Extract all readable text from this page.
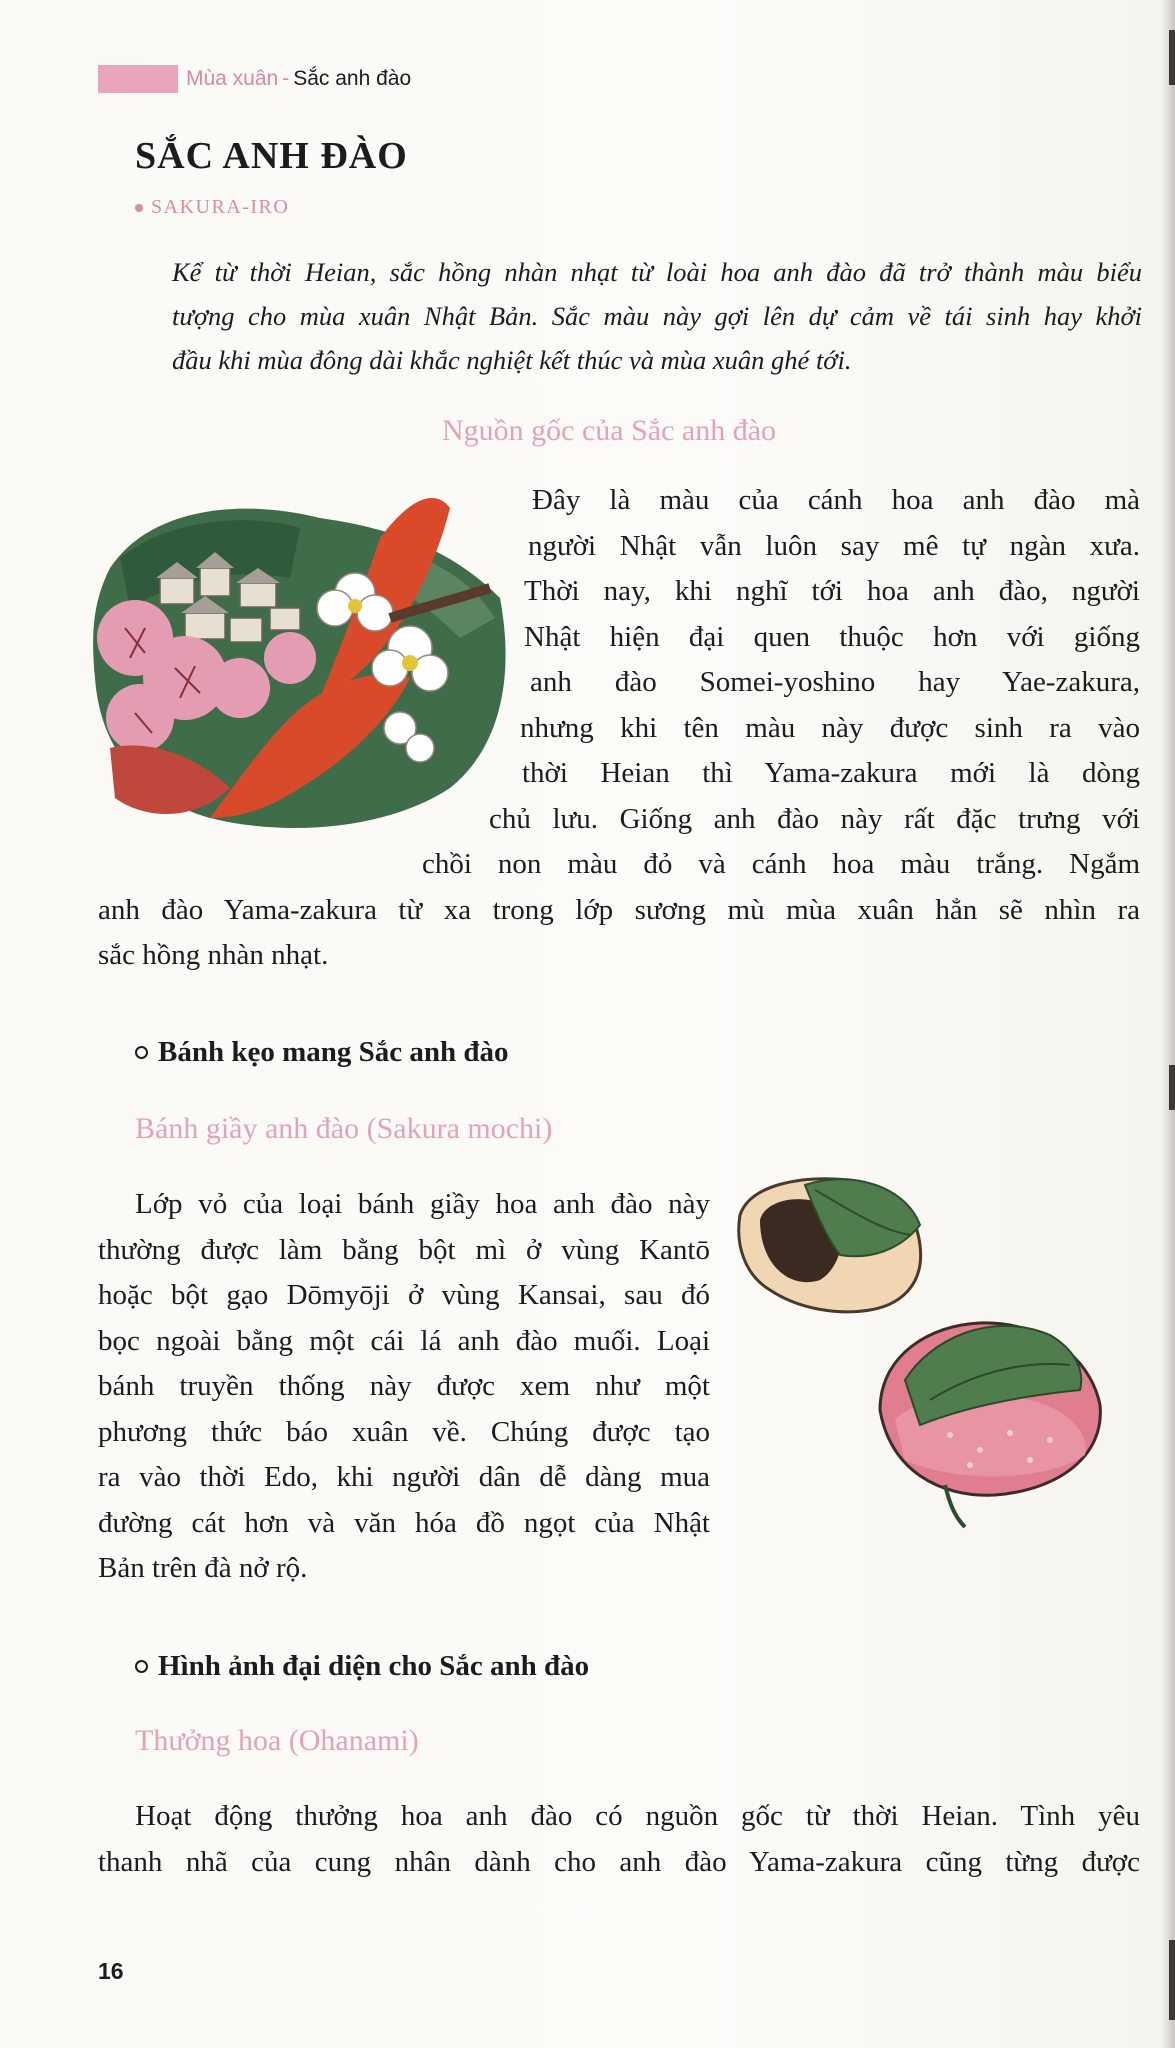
Mùa xuân - Sắc anh đào
SẮC ANH ĐÀO
SAKURA-IRO
Kể từ thời Heian, sắc hồng nhàn nhạt từ loài hoa anh đào đã trở thành màu biểu
tượng cho mùa xuân Nhật Bản. Sắc màu này gợi lên dự cảm về tái sinh hay khởi
đầu khi mùa đông dài khắc nghiệt kết thúc và mùa xuân ghé tới.
Nguồn gốc của Sắc anh đào
Đây là màu của cánh hoa anh đào mà
người Nhật vẫn luôn say mê tự ngàn xưa.
Thời nay, khi nghĩ tới hoa anh đào, người
Nhật hiện đại quen thuộc hơn với giống
anh đào Somei-yoshino hay Yae-zakura,
nhưng khi tên màu này được sinh ra vào
thời Heian thì Yama-zakura mới là dòng
chủ lưu. Giống anh đào này rất đặc trưng với
chồi non màu đỏ và cánh hoa màu trắng. Ngắm
anh đào Yama-zakura từ xa trong lớp sương mù mùa xuân hẳn sẽ nhìn ra
sắc hồng nhàn nhạt.
Bánh kẹo mang Sắc anh đào
Bánh giầy anh đào (Sakura mochi)
Lớp vỏ của loại bánh giầy hoa anh đào này
thường được làm bằng bột mì ở vùng Kantō
hoặc bột gạo Dōmyōji ở vùng Kansai, sau đó
bọc ngoài bằng một cái lá anh đào muối. Loại
bánh truyền thống này được xem như một
phương thức báo xuân về. Chúng được tạo
ra vào thời Edo, khi người dân dễ dàng mua
đường cát hơn và văn hóa đồ ngọt của Nhật
Bản trên đà nở rộ.
Hình ảnh đại diện cho Sắc anh đào
Thưởng hoa (Ohanami)
Hoạt động thưởng hoa anh đào có nguồn gốc từ thời Heian. Tình yêu
thanh nhã của cung nhân dành cho anh đào Yama-zakura cũng từng được
16
